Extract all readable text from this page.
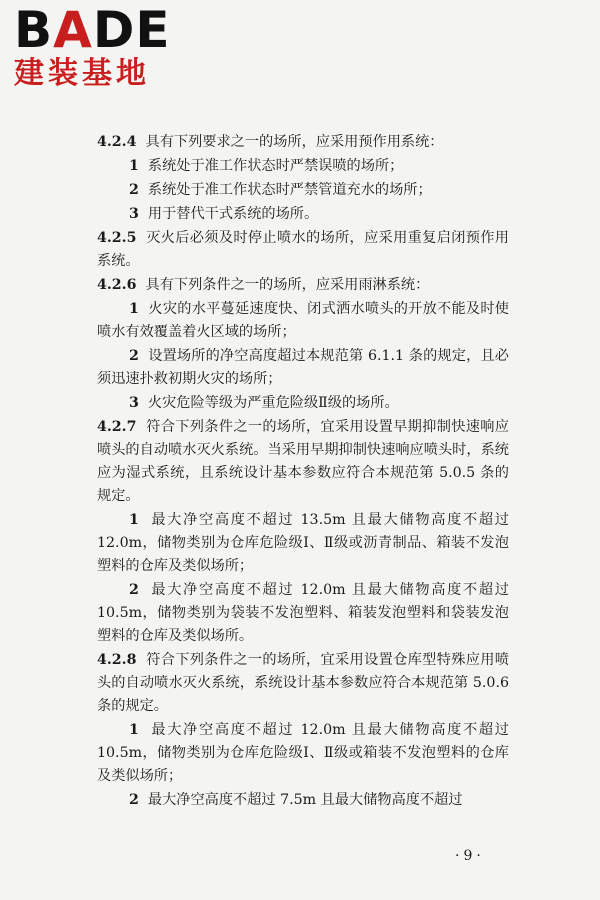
BADE
建装基地

4.2.4 具有下列要求之一的场所，应采用预作用系统：

1 系统处于准工作状态时严禁误喷的场所；

2 系统处于准工作状态时严禁管道充水的场所；

3 用于替代干式系统的场所。

4.2.5 灭火后必须及时停止喷水的场所，应采用重复启闭预作用系统。

4.2.6 具有下列条件之一的场所，应采用雨淋系统：

1 火灾的水平蔓延速度快、闭式洒水喷头的开放不能及时使喷水有效覆盖着火区域的场所；

2 设置场所的净空高度超过本规范第 6.1.1 条的规定，且必须迅速扑救初期火灾的场所；

3 火灾危险等级为严重危险级Ⅱ级的场所。

4.2.7 符合下列条件之一的场所，宜采用设置早期抑制快速响应喷头的自动喷水灭火系统。当采用早期抑制快速响应喷头时，系统应为湿式系统，且系统设计基本参数应符合本规范第 5.0.5 条的规定。

1 最大净空高度不超过 13.5m 且最大储物高度不超过 12.0m，储物类别为仓库危险级Ⅰ、Ⅱ级或沥青制品、箱装不发泡塑料的仓库及类似场所；

2 最大净空高度不超过 12.0m 且最大储物高度不超过 10.5m，储物类别为袋装不发泡塑料、箱装发泡塑料和袋装发泡塑料的仓库及类似场所。

4.2.8 符合下列条件之一的场所，宜采用设置仓库型特殊应用喷头的自动喷水灭火系统，系统设计基本参数应符合本规范第 5.0.6 条的规定。

1 最大净空高度不超过 12.0m 且最大储物高度不超过 10.5m，储物类别为仓库危险级Ⅰ、Ⅱ级或箱装不发泡塑料的仓库及类似场所；

2 最大净空高度不超过 7.5m 且最大储物高度不超过

·9·
